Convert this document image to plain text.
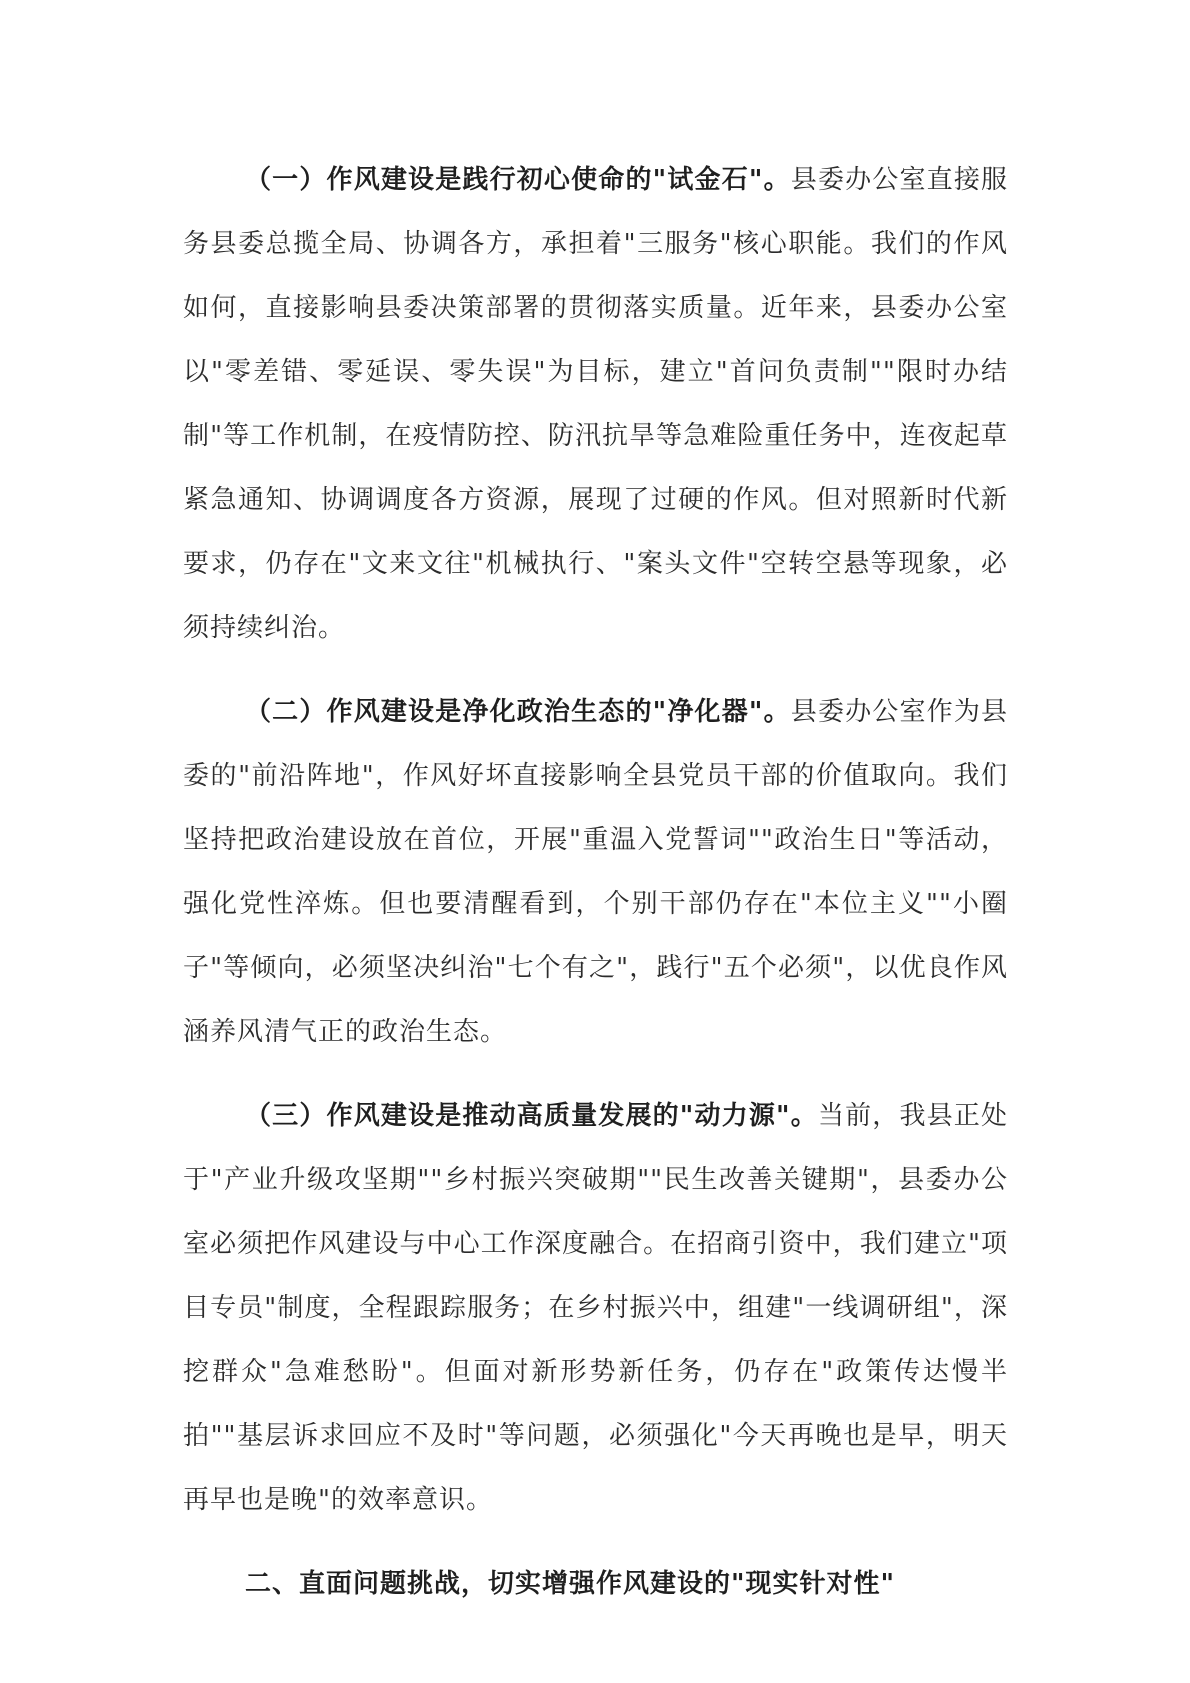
（一）作风建设是践行初心使命的"试金石"。县委办公室直接服务县委总揽全局、协调各方，承担着"三服务"核心职能。我们的作风如何，直接影响县委决策部署的贯彻落实质量。近年来，县委办公室以"零差错、零延误、零失误"为目标，建立"首问负责制""限时办结制"等工作机制，在疫情防控、防汛抗旱等急难险重任务中，连夜起草紧急通知、协调调度各方资源，展现了过硬的作风。但对照新时代新要求，仍存在"文来文往"机械执行、"案头文件"空转空悬等现象，必须持续纠治。

（二）作风建设是净化政治生态的"净化器"。县委办公室作为县委的"前沿阵地"，作风好坏直接影响全县党员干部的价值取向。我们坚持把政治建设放在首位，开展"重温入党誓词""政治生日"等活动，强化党性淬炼。但也要清醒看到，个别干部仍存在"本位主义""小圈子"等倾向，必须坚决纠治"七个有之"，践行"五个必须"，以优良作风涵养风清气正的政治生态。

（三）作风建设是推动高质量发展的"动力源"。当前，我县正处于"产业升级攻坚期""乡村振兴突破期""民生改善关键期"，县委办公室必须把作风建设与中心工作深度融合。在招商引资中，我们建立"项目专员"制度，全程跟踪服务；在乡村振兴中，组建"一线调研组"，深挖群众"急难愁盼"。但面对新形势新任务，仍存在"政策传达慢半拍""基层诉求回应不及时"等问题，必须强化"今天再晚也是早，明天再早也是晚"的效率意识。

二、直面问题挑战，切实增强作风建设的"现实针对性"
